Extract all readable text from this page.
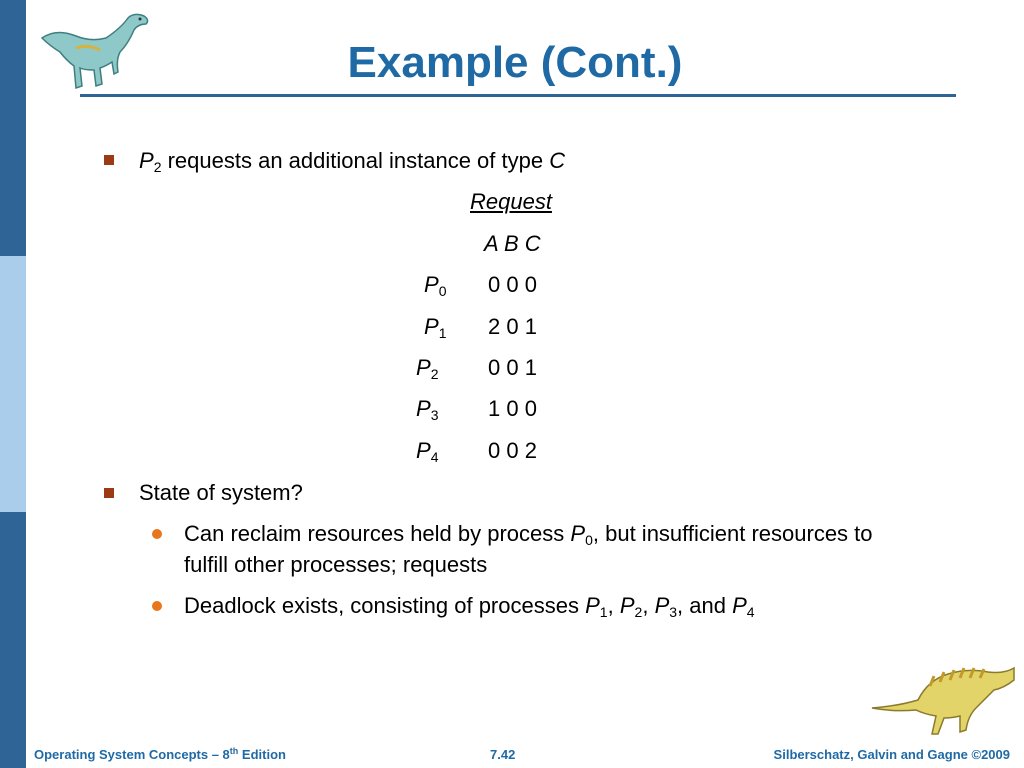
Example (Cont.)
$P_2$ requests an additional instance of type C
Request
A B C
$P_0$ 0 0 0
$P_1$ 2 0 1
$P_2$ 0 0 1
$P_3$ 1 0 0
$P_4$ 0 0 2
State of system?
Can reclaim resources held by process $P_0$, but insufficient resources to
fulfill other processes; requests
Deadlock exists, consisting of processes $P_1$, $P_2$, $P_3$, and $P_4$
Operating System Concepts – 8th Edition	7.42	Silberschatz, Galvin and Gagne ©2009
